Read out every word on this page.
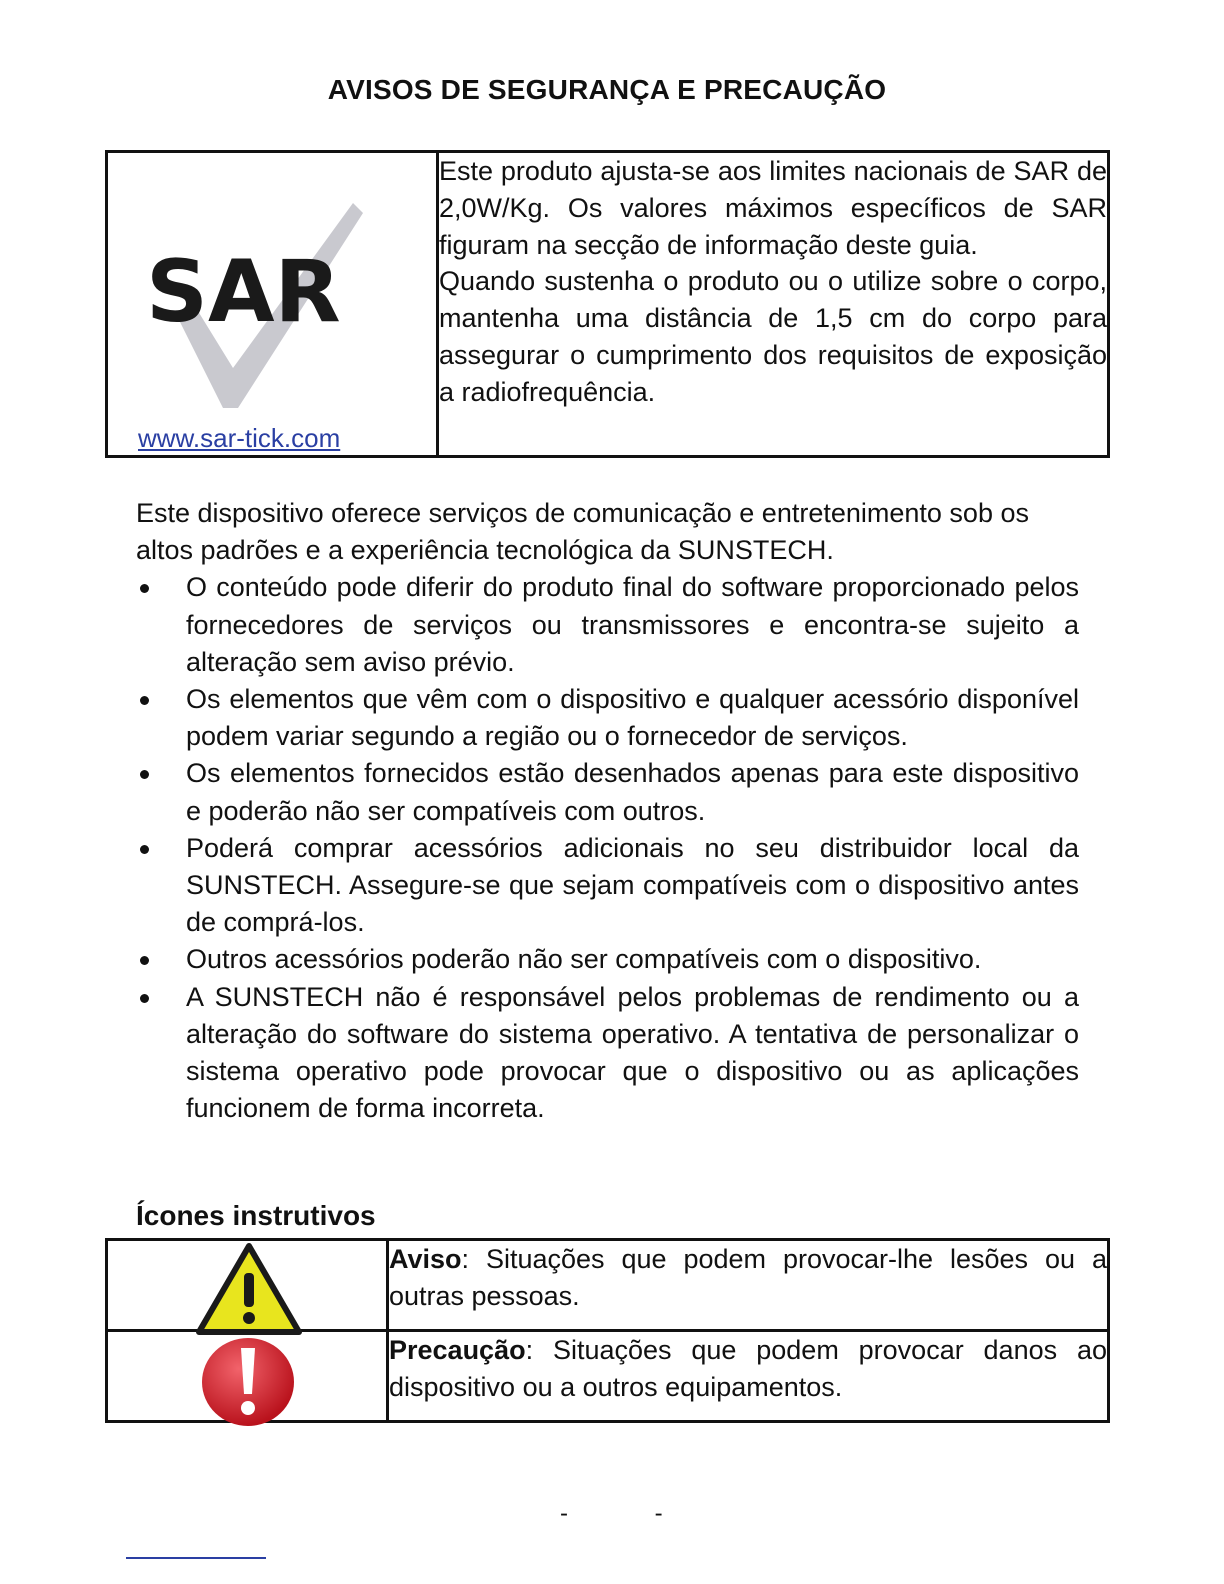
AVISOS DE SEGURANÇA E PRECAUÇÃO
SAR
www.sar-tick.com

Este produto ajusta-se aos limites nacionais de SAR de 2,0W/Kg. Os valores máximos específicos de SAR figuram na secção de informação deste guia.

Quando sustenha o produto ou o utilize sobre o corpo, mantenha uma distância de 1,5 cm do corpo para assegurar o cumprimento dos requisitos de exposição a radiofrequência.

Este dispositivo oferece serviços de comunicação e entretenimento sob os altos padrões e a experiência tecnológica da SUNSTECH.

O conteúdo pode diferir do produto final do software proporcionado pelos fornecedores de serviços ou transmissores e encontra-se sujeito a alteração sem aviso prévio.
Os elementos que vêm com o dispositivo e qualquer acessório disponível podem variar segundo a região ou o fornecedor de serviços.
Os elementos fornecidos estão desenhados apenas para este dispositivo e poderão não ser compatíveis com outros.
Poderá comprar acessórios adicionais no seu distribuidor local da SUNSTECH. Assegure-se que sejam compatíveis com o dispositivo antes de comprá-los.
Outros acessórios poderão não ser compatíveis com o dispositivo.
A SUNSTECH não é responsável pelos problemas de rendimento ou a alteração do software do sistema operativo. A tentativa de personalizar o sistema operativo pode provocar que o dispositivo ou as aplicações funcionem de forma incorreta.
Ícones instrutivos
	Aviso: Situações que podem provocar-lhe lesões ou a outras pessoas.

	Precaução: Situações que podem provocar danos ao dispositivo ou a outros equipamentos.
- -
